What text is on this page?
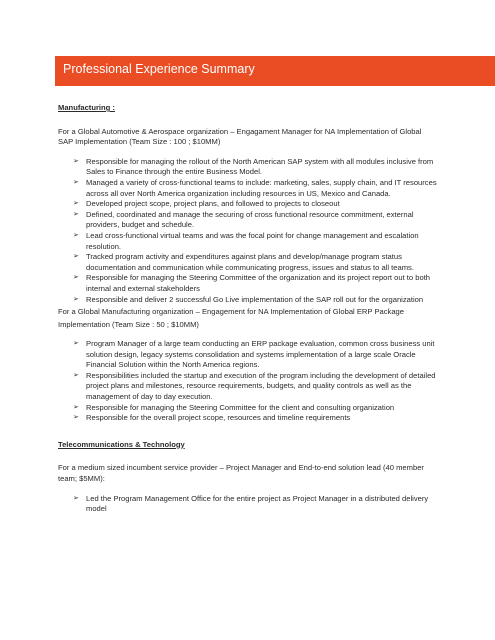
Professional Experience Summary

Manufacturing :

For a Global Automotive & Aerospace organization – Engagament Manager for NA Implementation of Global SAP Implementation (Team Size : 100 ; $10MM)

➢ Responsible for managing the rollout of the North American SAP system with all modules inclusive from Sales to Finance through the entire Business Model.
➢ Managed a variety of cross-functional teams to include: marketing, sales, supply chain, and IT resources across all over North America organization including resources in US, Mexico and Canada.
➢ Developed project scope, project plans, and followed to projects to closeout
➢ Defined, coordinated and manage the securing of cross functional resource commitment, external providers, budget and schedule.
➢ Lead cross-functional virtual teams and was the focal point for change management and escalation resolution.
➢ Tracked program activity and expenditures against plans and develop/manage program status documentation and communication while communicating progress, issues and status to all teams.
➢ Responsible for managing the Steering Committee of the organization and its project report out to both internal and external stakeholders
➢ Responsible and deliver 2 successful Go Live implementation of the SAP roll out for the organization

For a Global Manufacturing organization – Engagement for NA Implementation of Global ERP Package Implementation (Team Size : 50 ; $10MM)

➢ Program Manager of a large team conducting an ERP package evaluation, common cross business unit solution design, legacy systems consolidation and systems implementation of a large scale Oracle Financial Solution within the North America regions.
➢ Responsibilities included the startup and execution of the program including the development of detailed project plans and milestones, resource requirements, budgets, and quality controls as well as the management of day to day execution.
➢ Responsible for managing the Steering Committee for the client and consulting organization
➢ Responsible for the overall project scope, resources and timeline requirements

Telecommunications & Technology

For a medium sized incumbent service provider – Project Manager and End-to-end solution lead (40 member team; $5MM):

➢ Led the Program Management Office for the entire project as Project Manager in a distributed delivery model
